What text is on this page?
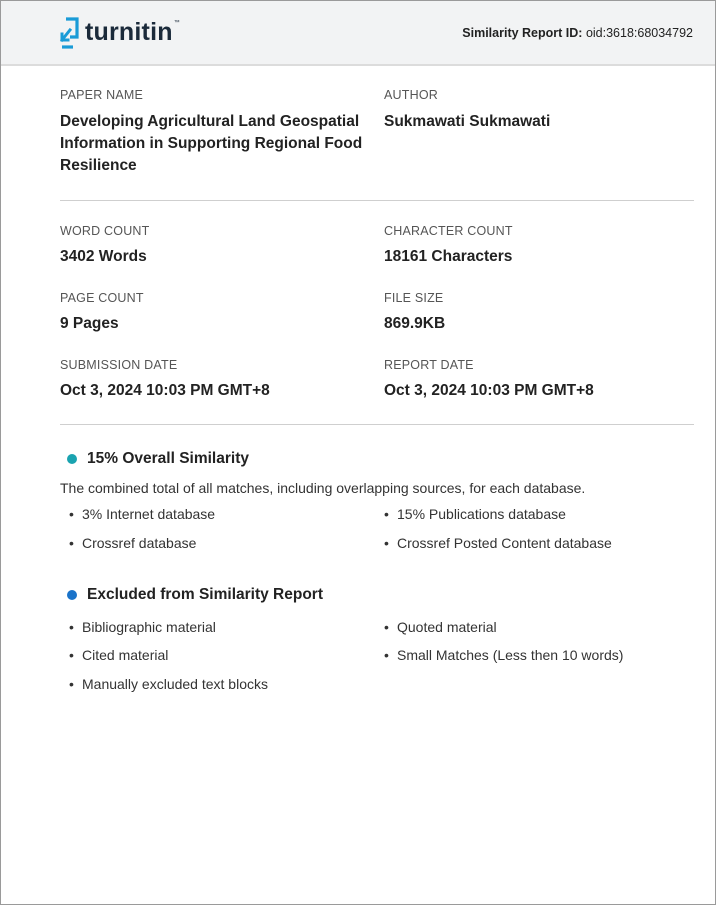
turnitin ™
Similarity Report ID: oid:3618:68034792
PAPER NAME
Developing Agricultural Land Geospatial Information in Supporting Regional Food Resilience
AUTHOR
Sukmawati Sukmawati
WORD COUNT
3402 Words
CHARACTER COUNT
18161 Characters
PAGE COUNT
9 Pages
FILE SIZE
869.9KB
SUBMISSION DATE
Oct 3, 2024 10:03 PM GMT+8
REPORT DATE
Oct 3, 2024 10:03 PM GMT+8
15% Overall Similarity
The combined total of all matches, including overlapping sources, for each database.
• 3% Internet database	• 15% Publications database
• Crossref database	• Crossref Posted Content database
Excluded from Similarity Report
• Bibliographic material	• Quoted material
• Cited material	• Small Matches (Less then 10 words)
• Manually excluded text blocks
